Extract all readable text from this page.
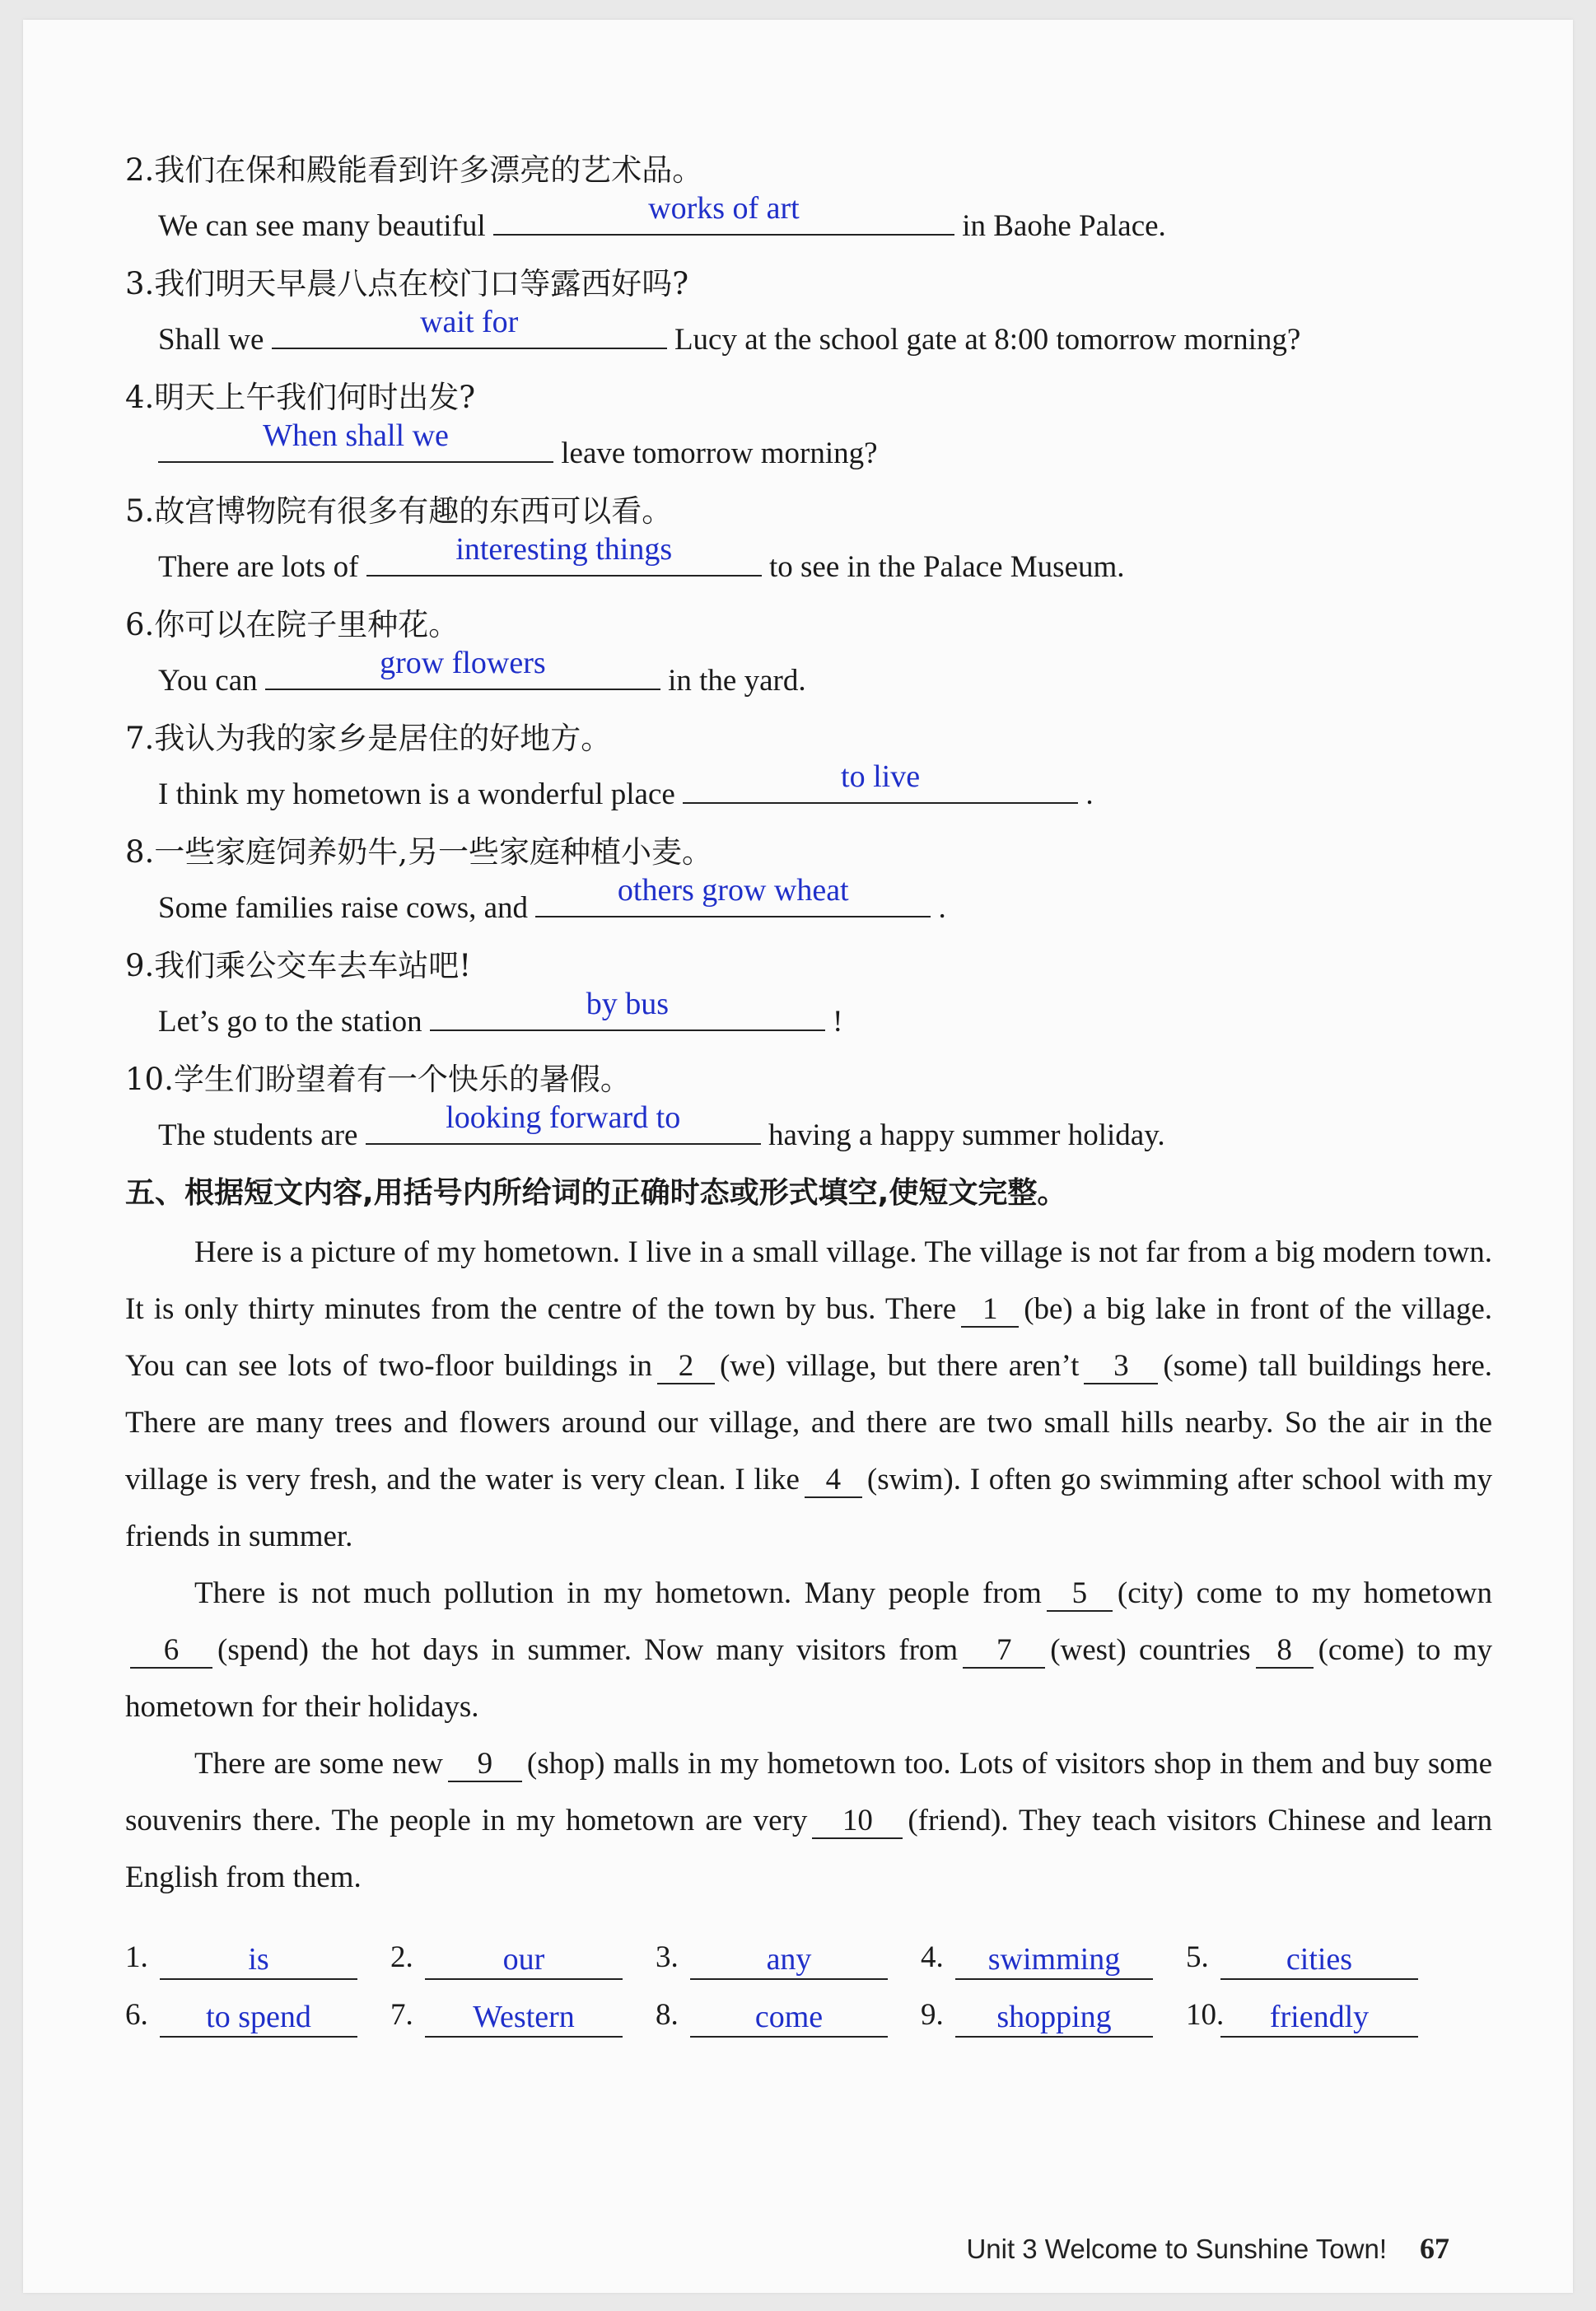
2.我们在保和殿能看到许多漂亮的艺术品。
We can see many beautiful
works of art
in Baohe Palace.
3.我们明天早晨八点在校门口等露西好吗?
Shall we
wait for
Lucy at the school gate at 8:00 tomorrow morning?
4.明天上午我们何时出发?
When shall we
leave tomorrow morning?
5.故宫博物院有很多有趣的东西可以看。
There are lots of
interesting things
to see in the Palace Museum.
6.你可以在院子里种花。
You can
grow flowers
in the yard.
7.我认为我的家乡是居住的好地方。
I think my hometown is a wonderful place
to live
.
8.一些家庭饲养奶牛,另一些家庭种植小麦。
Some families raise cows, and
others grow wheat
.
9.我们乘公交车去车站吧!
Let’s go to the station
by bus
!
10.学生们盼望着有一个快乐的暑假。
The students are
looking forward to
having a happy summer holiday.
五、根据短文内容,用括号内所给词的正确时态或形式填空,使短文完整。

Here is a picture of my hometown. I live in a small village. The village is not far from a big modern town. It is only thirty minutes from the centre of the town by bus. There 1 (be) a big lake in front of the village. You can see lots of two-floor buildings in 2 (we) village, but there aren’t 3 (some) tall buildings here. There are many trees and flowers around our village, and there are two small hills nearby. So the air in the village is very fresh, and the water is very clean. I like 4 (swim). I often go swimming after school with my friends in summer.

There is not much pollution in my hometown. Many people from 5 (city) come to my hometown6 (spend) the hot days in summer. Now many visitors from 7 (west) countries 8 (come) to my hometown for their holidays.

There are some new 9 (shop) malls in my hometown too. Lots of visitors shop in them and buy some souvenirs there. The people in my hometown are very 10 (friend). They teach visitors Chinese and learn English from them.

1.	is	2.	our	3.	any	4.	swimming	5.	cities
6.	to spend	7.	Western	8.	come	9.	shopping	10.	friendly
Unit 3 Welcome to Sunshine Town! 67
